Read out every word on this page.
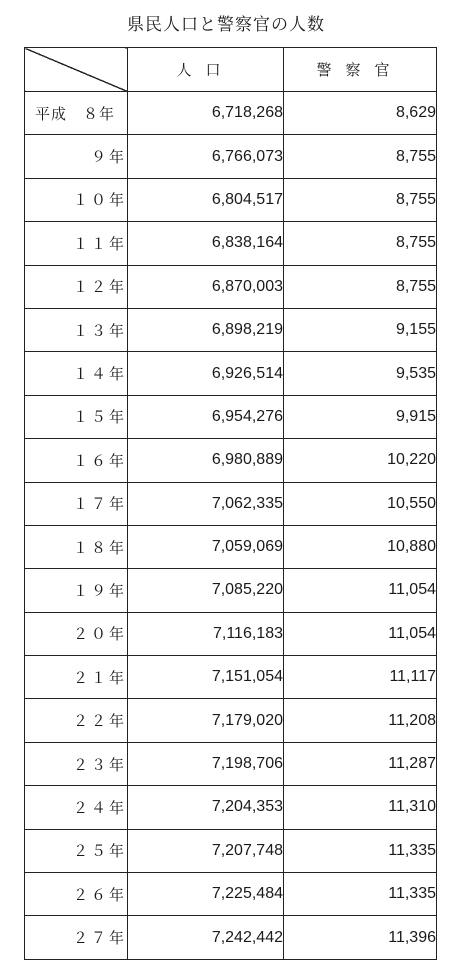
県民人口と警察官の人数
	人口	警察官
平成　８年	6,718,268	8,629
９年	6,766,073	8,755
１０年	6,804,517	8,755
１１年	6,838,164	8,755
１２年	6,870,003	8,755
１３年	6,898,219	9,155
１４年	6,926,514	9,535
１５年	6,954,276	9,915
１６年	6,980,889	10,220
１７年	7,062,335	10,550
１８年	7,059,069	10,880
１９年	7,085,220	11,054
２０年	7,116,183	11,054
２１年	7,151,054	11,117
２２年	7,179,020	11,208
２３年	7,198,706	11,287
２４年	7,204,353	11,310
２５年	7,207,748	11,335
２６年	7,225,484	11,335
２７年	7,242,442	11,396
